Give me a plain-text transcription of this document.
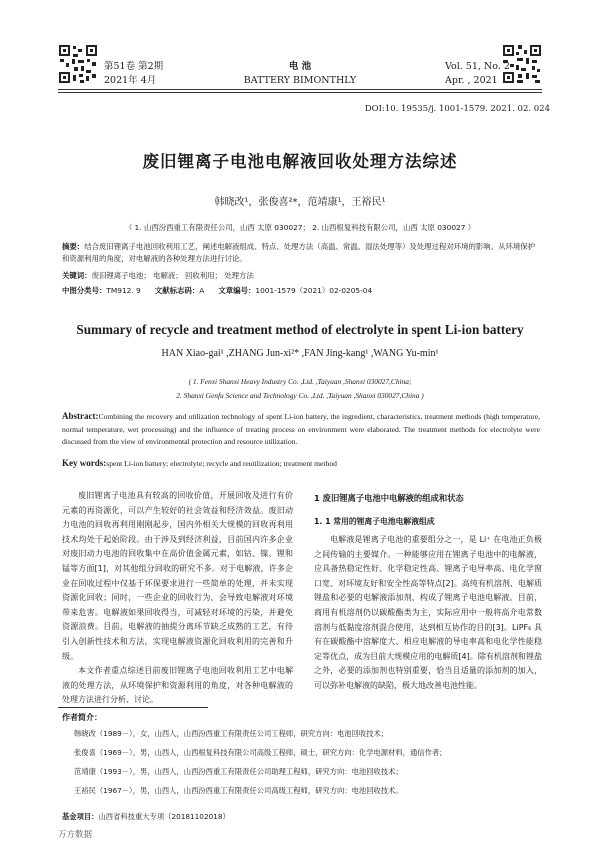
第51卷 第2期
2021年 4月
电 池
BATTERY BIMONTHLY
Vol. 51, No. 2
Apr. , 2021
DOI:10. 19535/j. 1001-1579. 2021. 02. 024
废旧锂离子电池电解液回收处理方法综述
韩晓改¹，张俊喜²*，范靖康¹，王裕民¹
（ 1. 山西汾西重工有限责任公司，山西 太原 030027； 2. 山西根复科技有限公司，山西 太原 030027 ）
摘要：结合废旧锂离子电池回收利用工艺，阐述电解液组成、特点、处理方法（高温、常温、湿法处理等）及处理过程对环境的影响。从环境保护和资源利用的角度，对电解液的各种处理方法进行讨论。
关键词：废旧锂离子电池； 电解液； 回收利用； 处理方法
中图分类号：TM912. 9 文献标志码：A 文章编号：1001-1579（2021）02-0205-04
Summary of recycle and treatment method of electrolyte in spent Li-ion battery
HAN Xiao-gai¹ ,ZHANG Jun-xi²* ,FAN Jing-kang¹ ,WANG Yu-min¹
( 1. Fenxi Shanxi Heavy Industry Co. ,Ltd. ,Taiyuan ,Shanxi 030027,China;
2. Shanxi Genfu Science and Technology Co. ,Ltd. ,Taiyuan ,Shanxi 030027,China )
Abstract:Combining the recovery and utilization technology of spent Li-ion battery, the ingredient, characteristics, treatment methods (high temperature, normal temperature, wet processing) and the influence of treating process on environment were elaborated. The treatment methods for electrolyte were discussed from the view of environmental protection and resource utilization.
Key words:spent Li-ion battery; electrolyte; recycle and reutilization; treatment method

废旧锂离子电池具有较高的回收价值，开展回收及进行有价元素的再资源化，可以产生较好的社会效益和经济效益。废旧动力电池的回收再利用刚刚起步，国内外相关大规模的回收再利用技术均处于起始阶段。由于涉及到经济利益，目前国内许多企业对废旧动力电池的回收集中在高价值金属元素，如钴、镍、锂和锰等方面[1]，对其他组分回收的研究不多。对于电解液，许多企业在回收过程中仅基于环保要求进行一些简单的处理，并未实现资源化回收；同时，一些企业的回收行为，会导致电解液对环境带来危害。电解液如果回收得当，可减轻对环境的污染，并避免资源浪费。目前，电解液的抽提分离环节缺乏成熟的工艺，有待引入创新性技术和方法，实现电解液资源化回收利用的完善和升级。

本文作者重点综述目前废旧锂离子电池回收利用工艺中电解液的处理方法，从环境保护和资源利用的角度，对各种电解液的处理方法进行分析、讨论。

1 废旧锂离子电池中电解液的组成和状态
1. 1 常用的锂离子电池电解液组成

电解液是锂离子电池的重要组分之一，是 Li⁺ 在电池正负极之间传输的主要媒介。一种能够应用在锂离子电池中的电解液，应具备热稳定性好、化学稳定性高、锂离子电导率高、电化学窗口宽、对环境友好和安全性高等特点[2]。高纯有机溶剂、电解质锂盐和必要的电解液添加剂，构成了锂离子电池电解液。目前，商用有机溶剂仍以碳酸酯类为主，实际应用中一般将高介电常数溶剂与低黏度溶剂混合使用，达到相互协作的目的[3]。LiPF₆ 具有在碳酸酯中溶解度大、相应电解液的导电率高和电化学性能稳定等优点，成为目前大规模应用的电解质[4]。除有机溶剂和锂盐之外，必要的添加剂也特别重要，恰当且适量的添加剂的加入，可以弥补电解液的缺陷，极大地改善电池性能。

作者简介：
韩晓改（1989－），女，山西人，山西汾西重工有限责任公司工程师，研究方向：电池回收技术；
张俊喜（1969－），男，山西人，山西根复科技有限公司高级工程师，硕士，研究方向：化学电源材料，通信作者；
范靖康（1993－），男，山西人，山西汾西重工有限责任公司助理工程师，研究方向：电池回收技术；
王裕民（1967－），男，山西人，山西汾西重工有限责任公司高级工程师，研究方向：电池回收技术。
基金项目：山西省科技重大专项（20181102018）
万方数据
